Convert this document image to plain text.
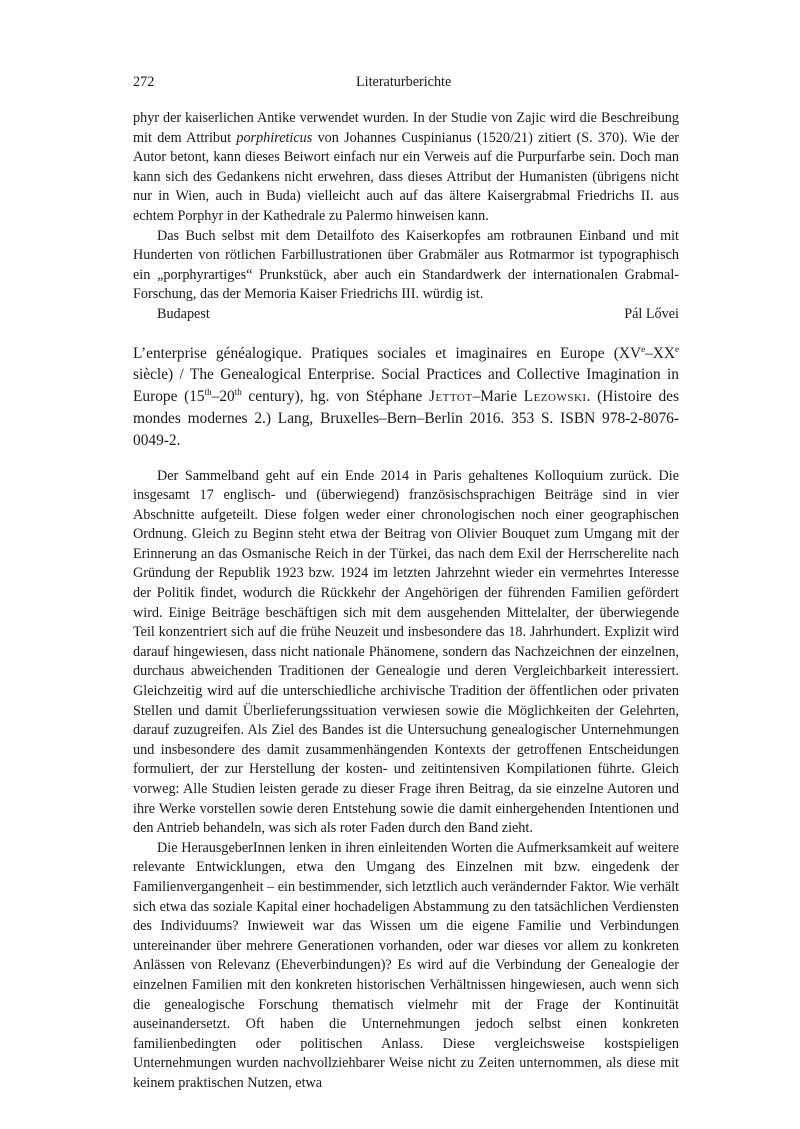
272	Literaturberichte

phyr der kaiserlichen Antike verwendet wurden. In der Studie von Zajic wird die Beschreibung mit dem Attribut porphireticus von Johannes Cuspinianus (1520/21) zitiert (S. 370). Wie der Autor betont, kann dieses Beiwort einfach nur ein Verweis auf die Purpurfarbe sein. Doch man kann sich des Gedankens nicht erwehren, dass dieses Attribut der Humanisten (übrigens nicht nur in Wien, auch in Buda) vielleicht auch auf das ältere Kaisergrabmal Friedrichs II. aus echtem Porphyr in der Kathedrale zu Palermo hinweisen kann.

Das Buch selbst mit dem Detailfoto des Kaiserkopfes am rotbraunen Einband und mit Hunderten von rötlichen Farbillustrationen über Grabmäler aus Rotmarmor ist typographisch ein „porphyrartiges“ Prunkstück, aber auch ein Standardwerk der internationalen Grabmal-Forschung, das der Memoria Kaiser Friedrichs III. würdig ist.

Budapest	Pál Lővei
L’enterprise généalogique. Pratiques sociales et imaginaires en Europe (XVe–XXe siècle) / The Genealogical Enterprise. Social Practices and Collective Imagination in Europe (15th–20th century), hg. von Stéphane Jettot–Marie Lezowski. (Histoire des mondes modernes 2.) Lang, Bruxelles–Bern–Berlin 2016. 353 S. ISBN 978-2-8076-0049-2.

Der Sammelband geht auf ein Ende 2014 in Paris gehaltenes Kolloquium zurück. Die insgesamt 17 englisch- und (überwiegend) französischsprachigen Beiträge sind in vier Abschnitte aufgeteilt. Diese folgen weder einer chronologischen noch einer geographischen Ordnung. Gleich zu Beginn steht etwa der Beitrag von Olivier Bouquet zum Umgang mit der Erinnerung an das Osmanische Reich in der Türkei, das nach dem Exil der Herrscherelite nach Gründung der Republik 1923 bzw. 1924 im letzten Jahrzehnt wieder ein vermehrtes Interesse der Politik findet, wodurch die Rückkehr der Angehörigen der führenden Familien gefördert wird. Einige Beiträge beschäftigen sich mit dem ausgehenden Mittelalter, der überwiegende Teil konzentriert sich auf die frühe Neuzeit und insbesondere das 18. Jahrhundert. Explizit wird darauf hingewiesen, dass nicht nationale Phänomene, sondern das Nachzeichnen der einzelnen, durchaus abweichenden Traditionen der Genealogie und deren Vergleichbarkeit interessiert. Gleichzeitig wird auf die unterschiedliche archivische Tradition der öffentlichen oder privaten Stellen und damit Überlieferungssituation verwiesen sowie die Möglichkeiten der Gelehrten, darauf zuzugreifen. Als Ziel des Bandes ist die Untersuchung genealogischer Unternehmungen und insbesondere des damit zusammenhängenden Kontexts der getroffenen Entscheidungen formuliert, der zur Herstellung der kosten- und zeitintensiven Kompilationen führte. Gleich vorweg: Alle Studien leisten gerade zu dieser Frage ihren Beitrag, da sie einzelne Autoren und ihre Werke vorstellen sowie deren Entstehung sowie die damit einhergehenden Intentionen und den Antrieb behandeln, was sich als roter Faden durch den Band zieht.

Die HerausgeberInnen lenken in ihren einleitenden Worten die Aufmerksamkeit auf weitere relevante Entwicklungen, etwa den Umgang des Einzelnen mit bzw. eingedenk der Familienvergangenheit – ein bestimmender, sich letztlich auch verändernder Faktor. Wie verhält sich etwa das soziale Kapital einer hochadeligen Abstammung zu den tatsächlichen Verdiensten des Individuums? Inwieweit war das Wissen um die eigene Familie und Verbindungen untereinander über mehrere Generationen vorhanden, oder war dieses vor allem zu konkreten Anlässen von Relevanz (Eheverbindungen)? Es wird auf die Verbindung der Genealogie der einzelnen Familien mit den konkreten historischen Verhältnissen hingewiesen, auch wenn sich die genealogische Forschung thematisch vielmehr mit der Frage der Kontinuität auseinandersetzt. Oft haben die Unternehmungen jedoch selbst einen konkreten familienbedingten oder politischen Anlass. Diese vergleichsweise kostspieligen Unternehmungen wurden nachvollziehbarer Weise nicht zu Zeiten unternommen, als diese mit keinem praktischen Nutzen, etwa
